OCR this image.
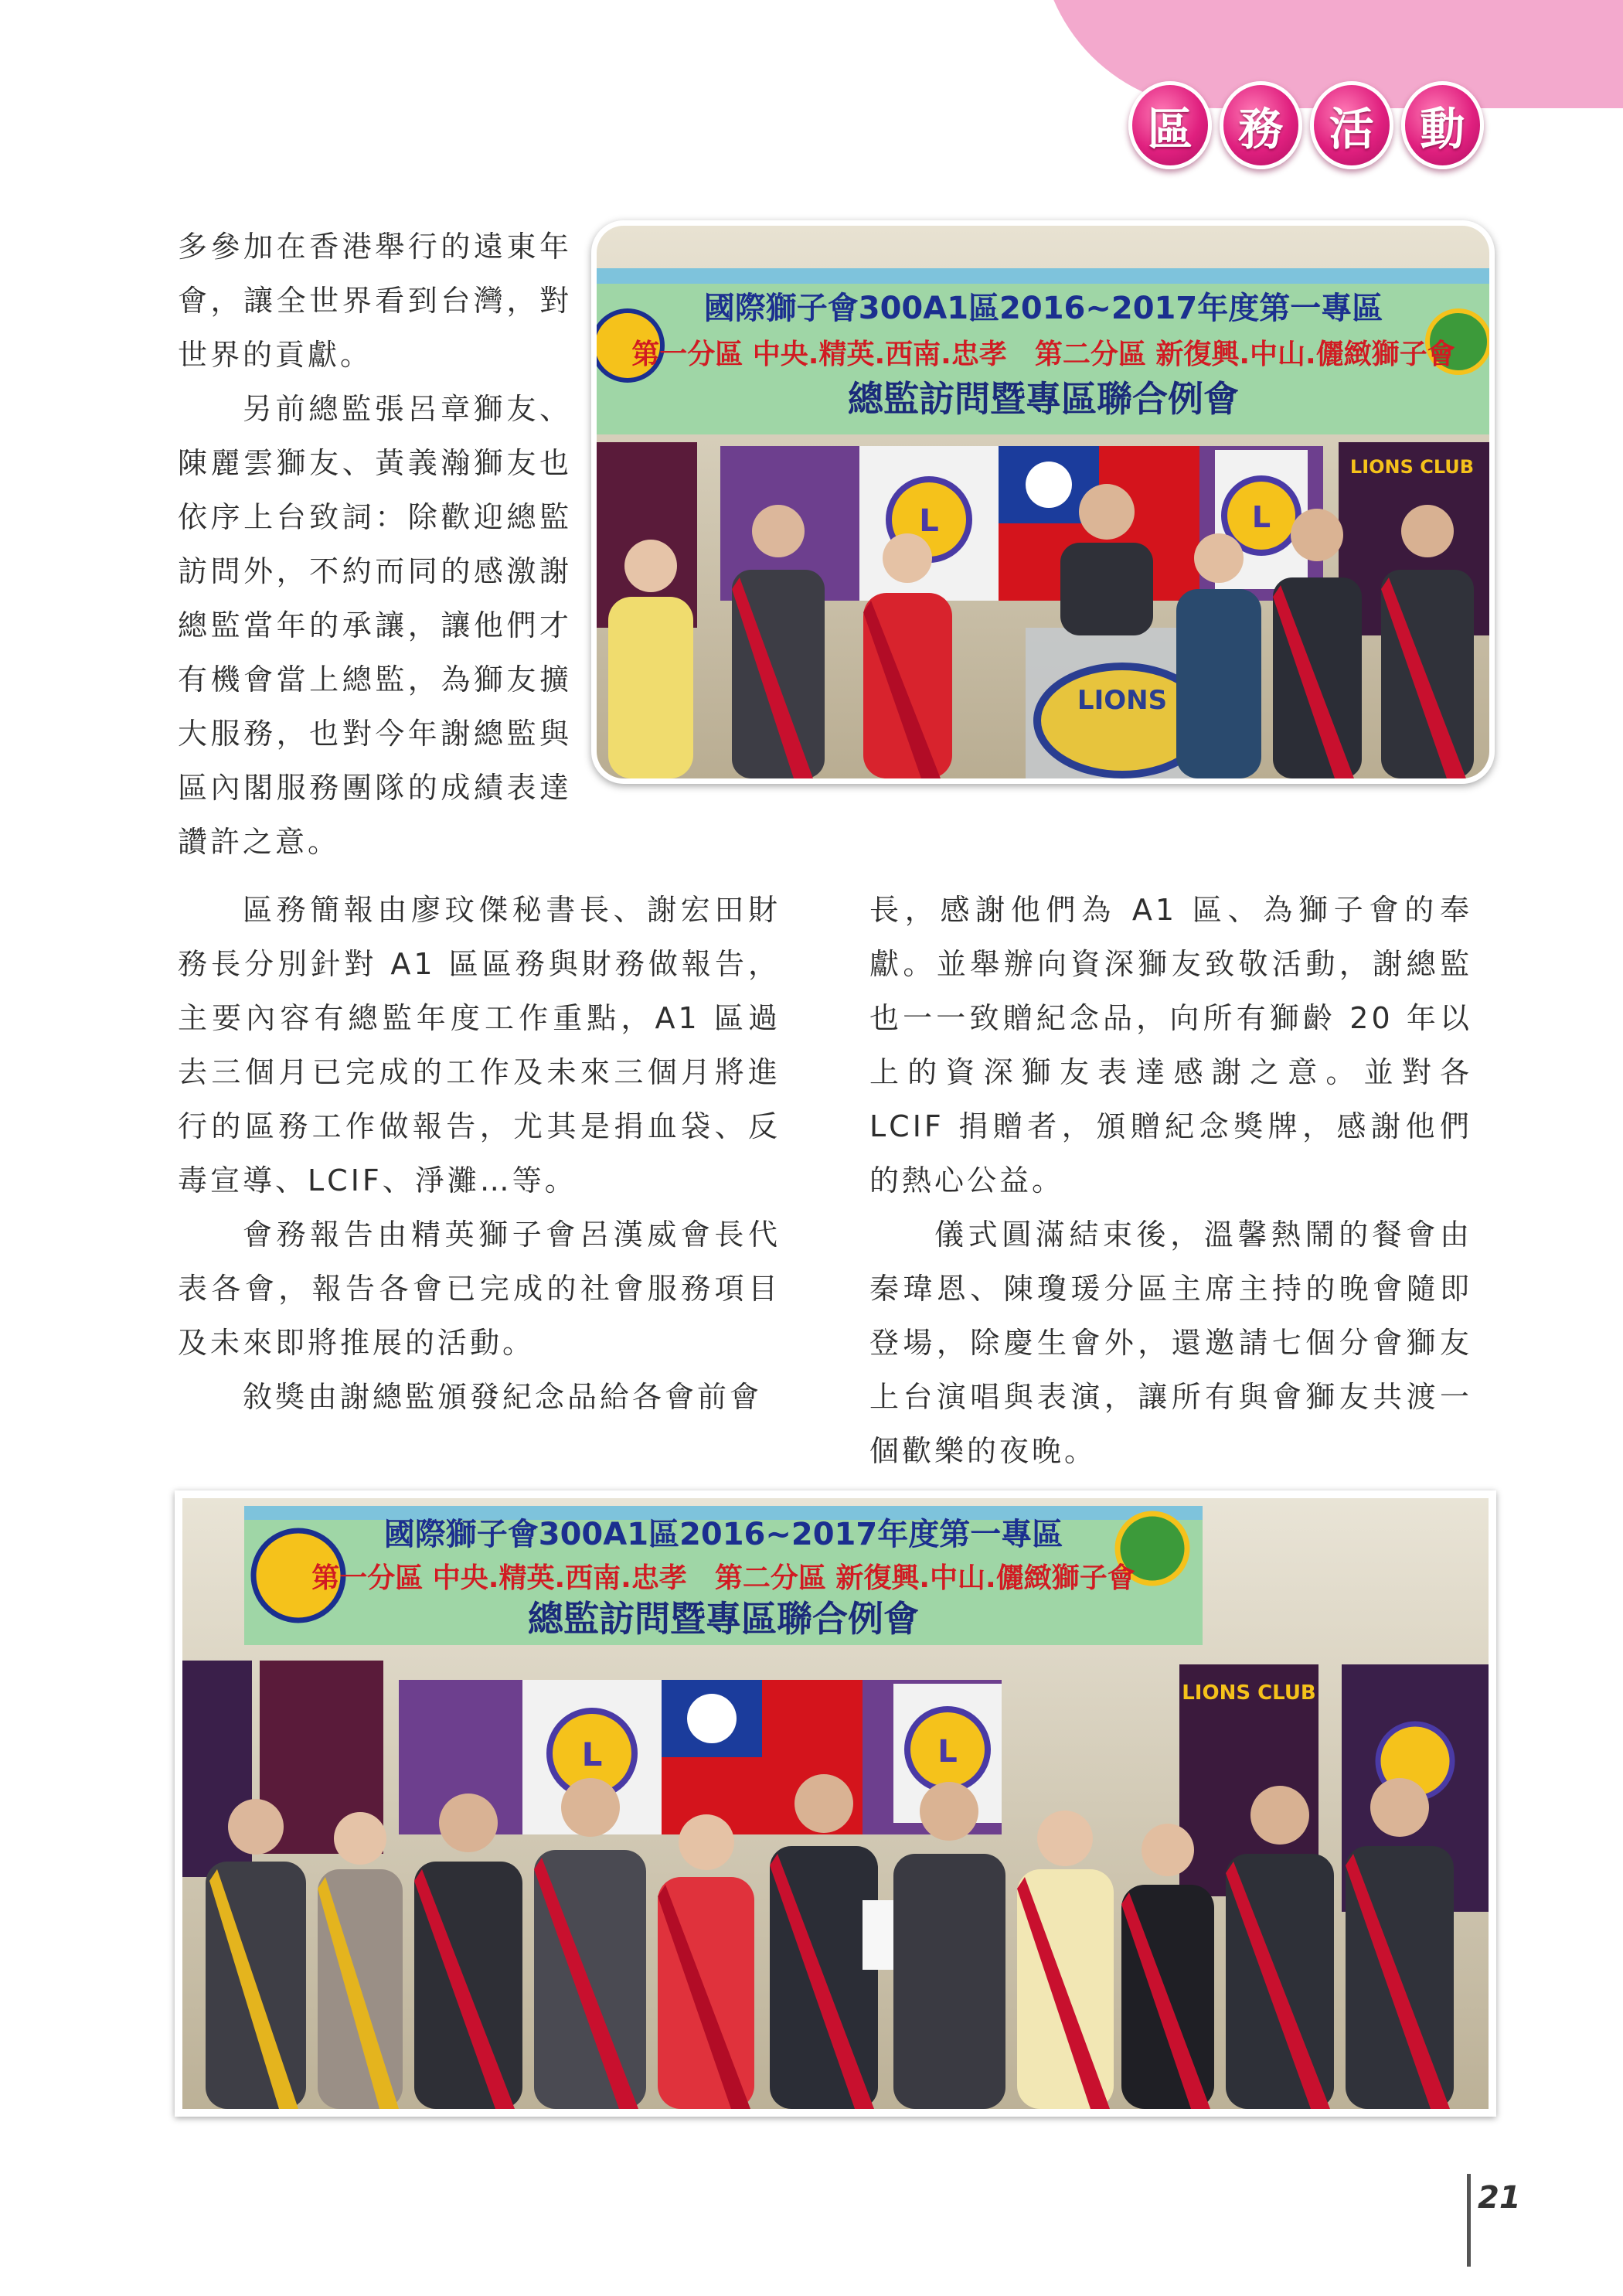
區	務	活	動
國際獅子會300A1區2016~2017年度第一專區
第一分區 中央.精英.西南.忠孝　第二分區 新復興.中山.儷緻獅子會
總監訪問暨專區聯合例會
L	L
LIONS CLUB
LIONS

多參加在香港舉行的遠東年會，讓全世界看到台灣，對世界的貢獻。

另前總監張呂章獅友、陳麗雲獅友、黃義瀚獅友也依序上台致詞：除歡迎總監訪問外，不約而同的感激謝總監當年的承讓，讓他們才有機會當上總監，為獅友擴大服務，也對今年謝總監與區內閣服務團隊的成績表達讚許之意。

區務簡報由廖玟傑秘書長、謝宏田財務長分別針對 A1 區區務與財務做報告，主要內容有總監年度工作重點，A1 區過去三個月已完成的工作及未來三個月將進行的區務工作做報告，尤其是捐血袋、反毒宣導、LCIF、淨灘…等。

會務報告由精英獅子會呂漢威會長代表各會，報告各會已完成的社會服務項目及未來即將推展的活動。

敘獎由謝總監頒發紀念品給各會前會

長，感謝他們為 A1 區、為獅子會的奉獻。並舉辦向資深獅友致敬活動，謝總監也一一致贈紀念品，向所有獅齡 20 年以上的資深獅友表達感謝之意。並對各 LCIF 捐贈者，頒贈紀念獎牌，感謝他們的熱心公益。

儀式圓滿結束後，溫馨熱鬧的餐會由秦瑋恩、陳瓊瑗分區主席主持的晚會隨即登場，除慶生會外，還邀請七個分會獅友上台演唱與表演，讓所有與會獅友共渡一個歡樂的夜晚。

國際獅子會300A1區2016~2017年度第一專區
第一分區 中央.精英.西南.忠孝　第二分區 新復興.中山.儷緻獅子會
總監訪問暨專區聯合例會
L	L
LIONS CLUB
21
